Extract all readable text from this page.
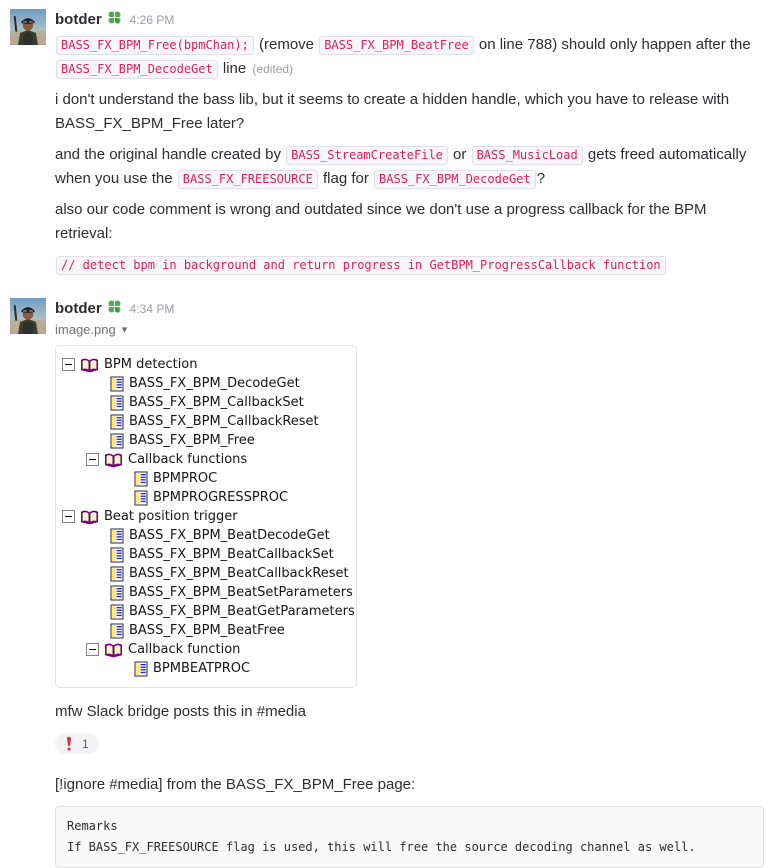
botder 4:26 PM
BASS_FX_BPM_Free(bpmChan); (remove BASS_FX_BPM_BeatFree on line 788) should only happen after the BASS_FX_BPM_DecodeGet line (edited)
i don't understand the bass lib, but it seems to create a hidden handle, which you have to release with BASS_FX_BPM_Free later?
and the original handle created by BASS_StreamCreateFile or BASS_MusicLoad gets freed automatically when you use the BASS_FX_FREESOURCE flag for BASS_FX_BPM_DecodeGet ?
also our code comment is wrong and outdated since we don't use a progress callback for the BPM retrieval:
// detect bpm in background and return progress in GetBPM_ProgressCallback function
botder 4:34 PM
image.png ▾
BPM detection
BASS_FX_BPM_DecodeGet
BASS_FX_BPM_CallbackSet
BASS_FX_BPM_CallbackReset
BASS_FX_BPM_Free
Callback functions
BPMPROC
BPMPROGRESSPROC
Beat position trigger
BASS_FX_BPM_BeatDecodeGet
BASS_FX_BPM_BeatCallbackSet
BASS_FX_BPM_BeatCallbackReset
BASS_FX_BPM_BeatSetParameters
BASS_FX_BPM_BeatGetParameters
BASS_FX_BPM_BeatFree
Callback function
BPMBEATPROC
mfw Slack bridge posts this in #media
1
[!ignore #media] from the BASS_FX_BPM_Free page:
Remarks
If BASS_FX_FREESOURCE flag is used, this will free the source decoding channel as well.
